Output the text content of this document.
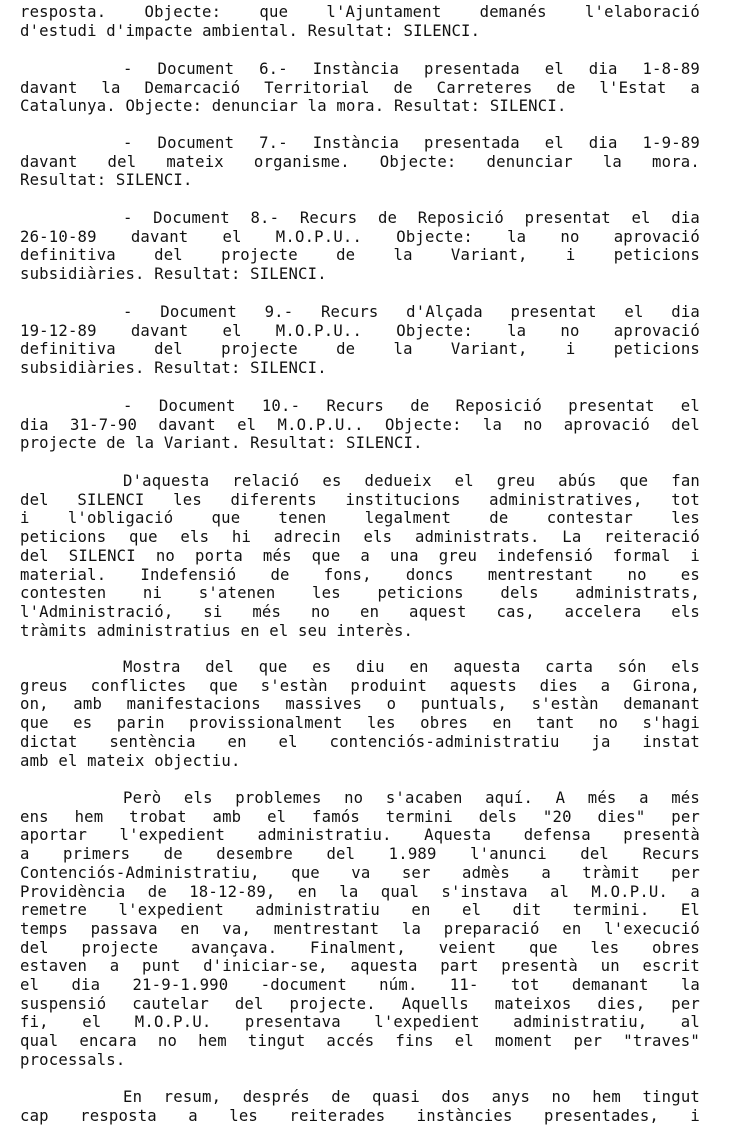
resposta. Objecte: que l'Ajuntament demanés l'elaboració
d'estudi d'impacte ambiental. Resultat: SILENCI.
- Document 6.- Instància presentada el dia 1-8-89
davant la Demarcació Territorial de Carreteres de l'Estat a
Catalunya. Objecte: denunciar la mora. Resultat: SILENCI.
- Document 7.- Instància presentada el dia 1-9-89
davant del mateix organisme. Objecte: denunciar la mora.
Resultat: SILENCI.
- Document 8.- Recurs de Reposició presentat el dia
26-10-89 davant el M.O.P.U.. Objecte: la no aprovació
definitiva del projecte de la Variant, i peticions
subsidiàries. Resultat: SILENCI.
- Document 9.- Recurs d'Alçada presentat el dia
19-12-89 davant el M.O.P.U.. Objecte: la no aprovació
definitiva del projecte de la Variant, i peticions
subsidiàries. Resultat: SILENCI.
- Document 10.- Recurs de Reposició presentat el
dia 31-7-90 davant el M.O.P.U.. Objecte: la no aprovació del
projecte de la Variant. Resultat: SILENCI.
D'aquesta relació es dedueix el greu abús que fan
del SILENCI les diferents institucions administratives, tot
i l'obligació que tenen legalment de contestar les
peticions que els hi adrecin els administrats. La reiteració
del SILENCI no porta més que a una greu indefensió formal i
material. Indefensió de fons, doncs mentrestant no es
contesten ni s'atenen les peticions dels administrats,
l'Administració, si més no en aquest cas, accelera els
tràmits administratius en el seu interès.
Mostra del que es diu en aquesta carta són els
greus conflictes que s'estàn produint aquests dies a Girona,
on, amb manifestacions massives o puntuals, s'estàn demanant
que es parin provissionalment les obres en tant no s'hagi
dictat sentència en el contenciós-administratiu ja instat
amb el mateix objectiu.
Però els problemes no s'acaben aquí. A més a més
ens hem trobat amb el famós termini dels "20 dies" per
aportar l'expedient administratiu. Aquesta defensa presentà
a primers de desembre del 1.989 l'anunci del Recurs
Contenciós-Administratiu, que va ser admès a tràmit per
Providència de 18-12-89, en la qual s'instava al M.O.P.U. a
remetre l'expedient administratiu en el dit termini. El
temps passava en va, mentrestant la preparació en l'execució
del projecte avançava. Finalment, veient que les obres
estaven a punt d'iniciar-se, aquesta part presentà un escrit
el dia 21-9-1.990 -document núm. 11- tot demanant la
suspensió cautelar del projecte. Aquells mateixos dies, per
fi, el M.O.P.U. presentava l'expedient administratiu, al
qual encara no hem tingut accés fins el moment per "traves"
processals.
En resum, després de quasi dos anys no hem tingut
cap resposta a les reiterades instàncies presentades, i
